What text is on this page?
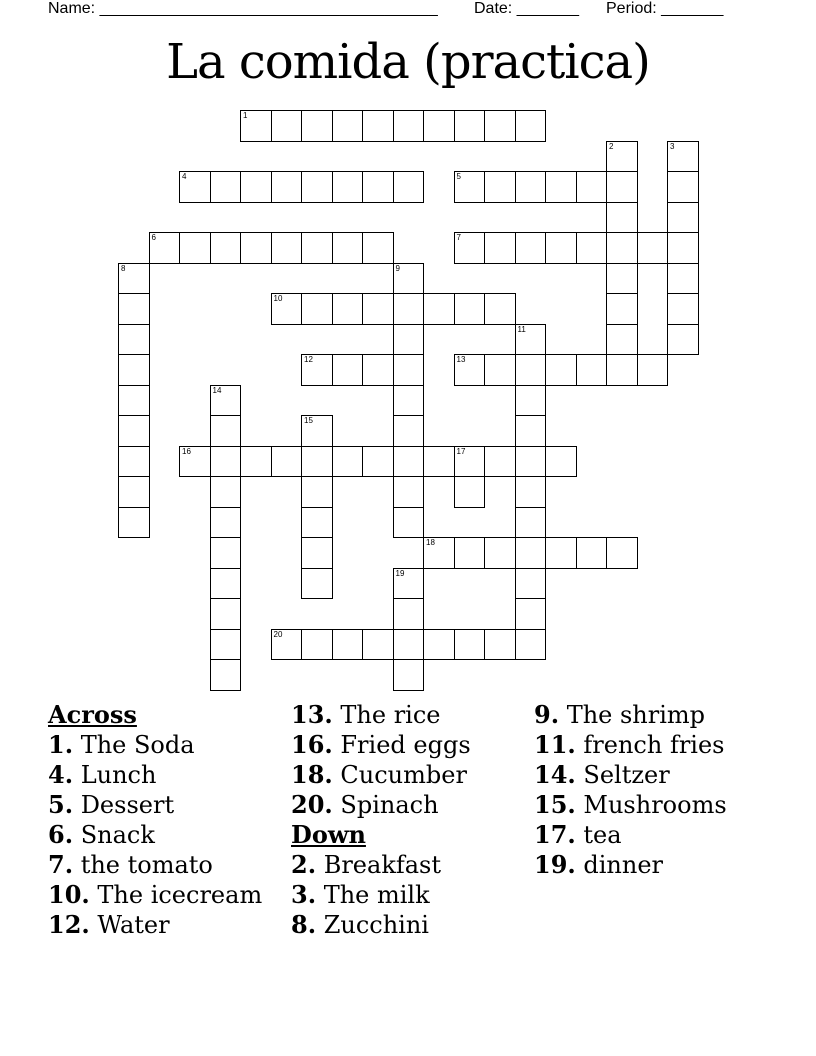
Name: ______________________________________ Date: _______ Period: _______
La comida (practica)
1
2	3
4	5
6	7
8	9
10
11
12	13
14
15
16	17
18
19
20
Across
1. The Soda
4. Lunch
5. Dessert
6. Snack
7. the tomato
10. The icecream
12. Water
13. The rice
16. Fried eggs
18. Cucumber
20. Spinach
Down
2. Breakfast
3. The milk
8. Zucchini
9. The shrimp
11. french fries
14. Seltzer
15. Mushrooms
17. tea
19. dinner
